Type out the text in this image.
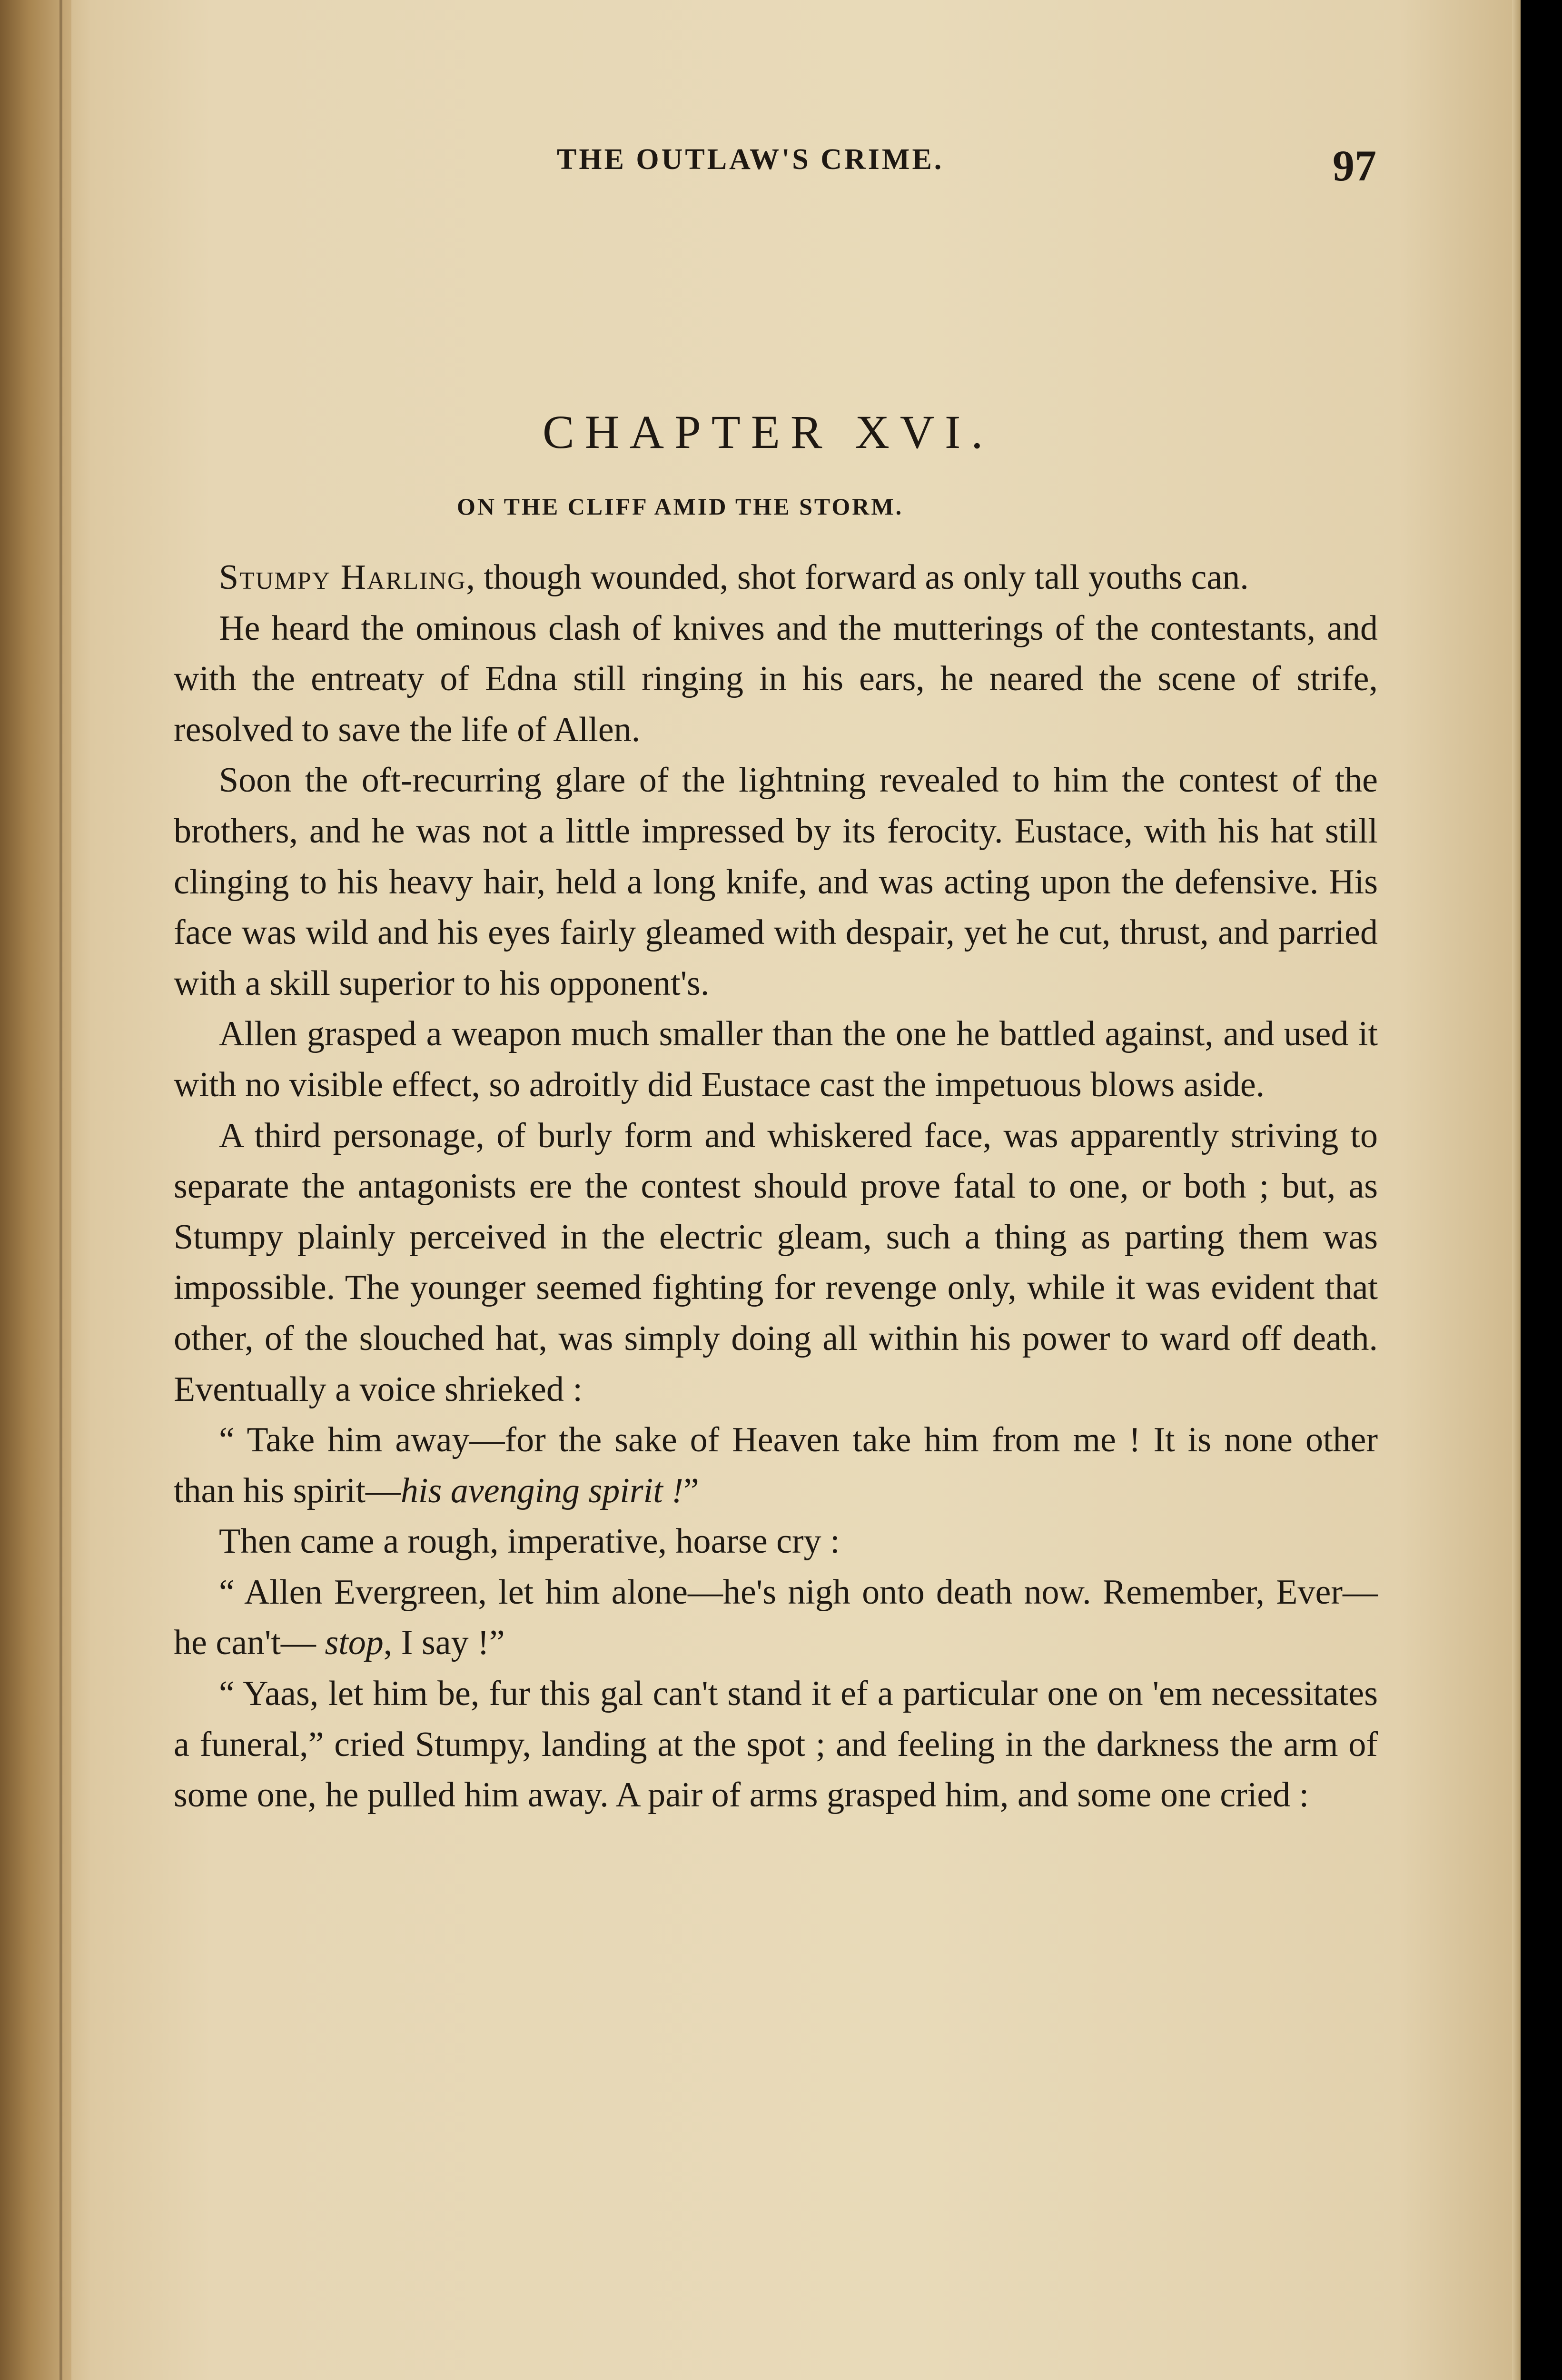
THE OUTLAW'S CRIME.	97
CHAPTER XVI.
ON THE CLIFF AMID THE STORM.

Stumpy Harling, though wounded, shot forward as only tall youths can.

He heard the ominous clash of knives and the mutterings of the contestants, and with the entreaty of Edna still ringing in his ears, he neared the scene of strife, resolved to save the life of Allen.

Soon the oft-recurring glare of the lightning revealed to him the contest of the brothers, and he was not a little impressed by its ferocity. Eustace, with his hat still clinging to his heavy hair, held a long knife, and was acting upon the defensive. His face was wild and his eyes fairly gleamed with despair, yet he cut, thrust, and parried with a skill superior to his opponent's.

Allen grasped a weapon much smaller than the one he battled against, and used it with no visible effect, so adroitly did Eustace cast the impetuous blows aside.

A third personage, of burly form and whiskered face, was apparently striving to separate the antagonists ere the contest should prove fatal to one, or both ; but, as Stumpy plainly perceived in the electric gleam, such a thing as parting them was impossible. The younger seemed fighting for revenge only, while it was evident that other, of the slouched hat, was simply doing all within his power to ward off death. Eventually a voice shrieked :

“ Take him away—for the sake of Heaven take him from me ! It is none other than his spirit—his avenging spirit !”

Then came a rough, imperative, hoarse cry :

“ Allen Evergreen, let him alone—he's nigh onto death now. Remember, Ever— he can't— stop, I say !”

“ Yaas, let him be, fur this gal can't stand it ef a particular one on 'em necessitates a funeral,” cried Stumpy, landing at the spot ; and feeling in the darkness the arm of some one, he pulled him away. A pair of arms grasped him, and some one cried :
